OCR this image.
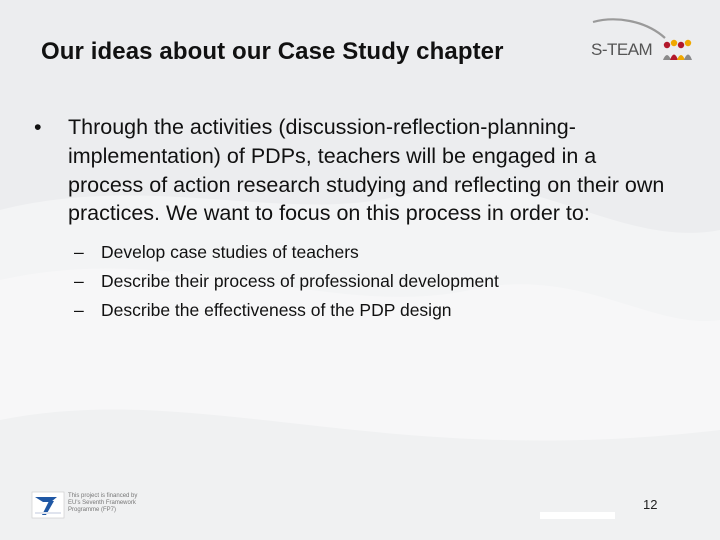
Our ideas about our Case Study chapter	S-TEAM
• Through the activities (discussion-reflection-planning-implementation) of PDPs, teachers will be engaged in a process of action research studying and reflecting on their own practices. We want to focus on this process in order to:
– Develop case studies of teachers
– Describe their process of professional development
– Describe the effectiveness of the PDP design
This project is financed by EU's Seventh Framework Programme (FP7)	12
